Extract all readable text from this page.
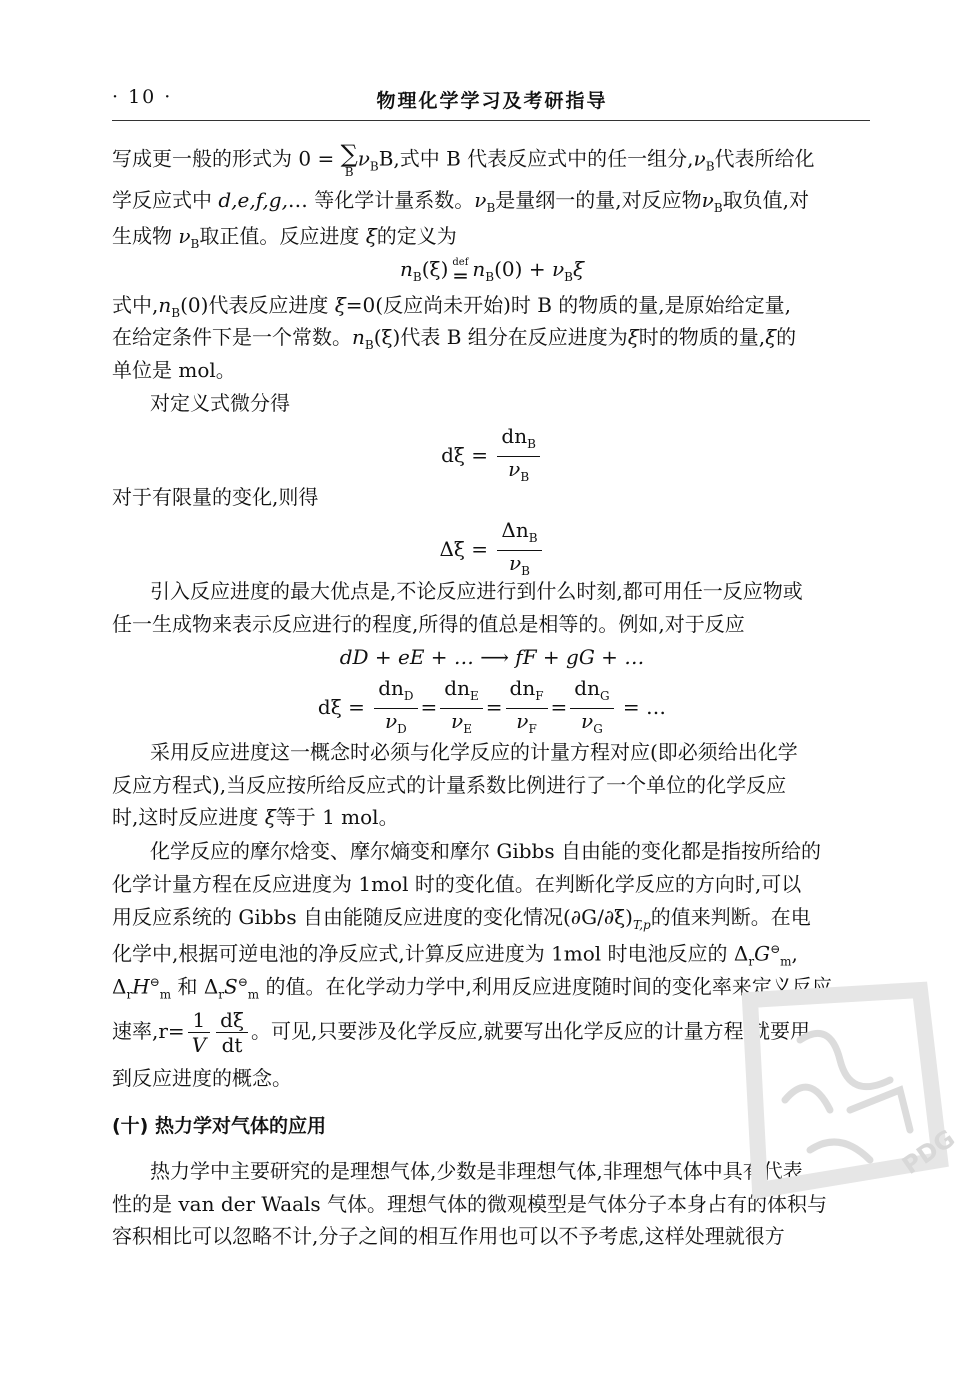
· 10 ·	物理化学学习及考研指导
写成更一般的形式为 0 = ∑
B
$\nu_BB$,式中 B 代表反应式中的任一组分$,\nu_B$代表所给化
学反应式中 d,e,f,g,… 等化学计量系数。$\nu_B$是量纲一的量,对反应物$\nu_B$取负值,对
生成物 $\nu_B$取正值。反应进度 ξ的定义为
$n_B(\xi)$ def
═ $n_B(0) + \nu_B\xi$
式中$,n_B(0)$代表反应进度 ξ=0(反应尚未开始)时 B 的物质的量,是原始给定量,
在给定条件下是一个常数。$n_B(\xi)$代表 B 组分在反应进度为ξ时的物质的量,ξ的
单位是 mol。
对定义式微分得
$d\xi = \frac{dn_B}{\nu_B}$
对于有限量的变化,则得
$\Delta\xi = \frac{\Delta n_B}{\nu_B}$
引入反应进度的最大优点是,不论反应进行到什么时刻,都可用任一反应物或
任一生成物来表示反应进行的程度,所得的值总是相等的。例如,对于反应
dD + eE + … ⟶ fF + gG + …
$d\xi = \frac{dn_D}{\nu_D} = \frac{dn_E}{\nu_E} = \frac{dn_F}{\nu_F} = \frac{dn_G}{\nu_G}$ = …
采用反应进度这一概念时必须与化学反应的计量方程对应(即必须给出化学
反应方程式),当反应按所给反应式的计量系数比例进行了一个单位的化学反应
时,这时反应进度 ξ等于 1 mol。
化学反应的摩尔焓变、摩尔熵变和摩尔 Gibbs 自由能的变化都是指按所给的
化学计量方程在反应进度为 1mol 时的变化值。在判断化学反应的方向时,可以
用反应系统的 Gibbs 自由能随反应进度的变化情况$(\partial G/\partial\xi)_{T,p}$的值来判断。在电
化学中,根据可逆电池的净反应式,计算反应进度为 1mol 时电池反应的 $\Delta_rG^⊖_m$,
$\Delta_rH^⊖_m$ 和 $\Delta_rS^⊖_m$ 的值。在化学动力学中,利用反应进度随时间的变化率来定义反应
速率$,r= \frac{1}{V} \frac{d\xi}{dt}$ 。可见,只要涉及化学反应,就要写出化学反应的计量方程,就要用
到反应进度的概念。
(十) 热力学对气体的应用
热力学中主要研究的是理想气体,少数是非理想气体,非理想气体中具有代表
性的是 van der Waals 气体。理想气体的微观模型是气体分子本身占有的体积与
容积相比可以忽略不计,分子之间的相互作用也可以不予考虑,这样处理就很方
PDG
